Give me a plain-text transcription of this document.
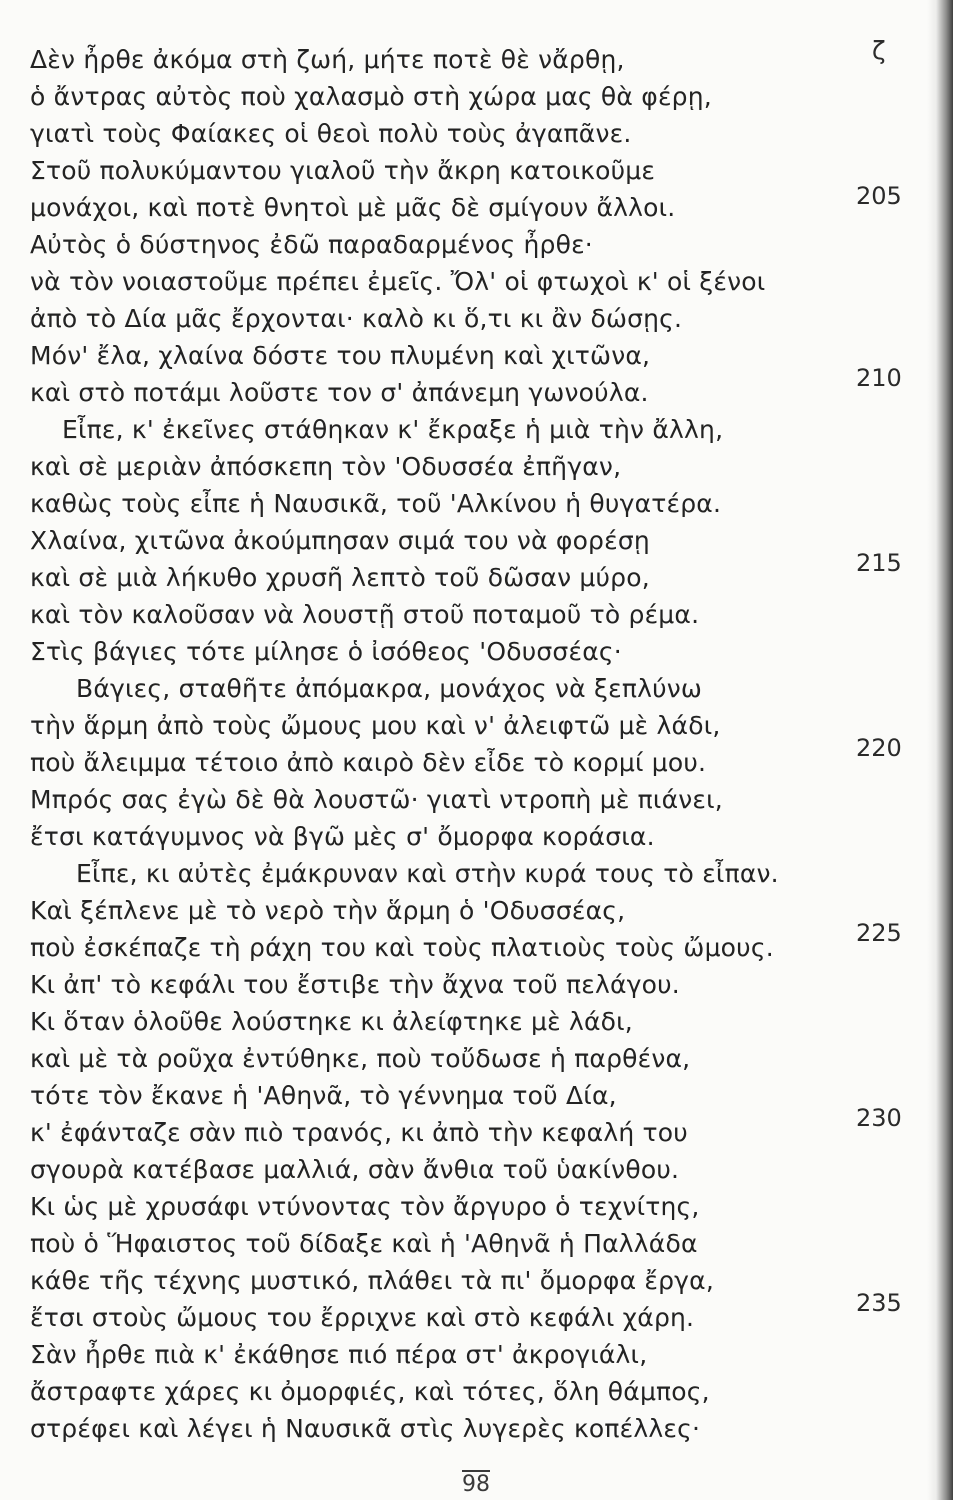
ζ
Δὲν ἦρθε ἀκόμα στὴ ζωή, μήτε ποτὲ θὲ νἄρθῃ,
ὁ ἄντρας αὐτὸς ποὺ χαλασμὸ στὴ χώρα μας θὰ φέρῃ,
γιατὶ τοὺς Φαίακες οἱ θεοὶ πολὺ τοὺς ἀγαπᾶνε.
Στοῦ πολυκύμαντου γιαλοῦ τὴν ἄκρη κατοικοῦμε
μονάχοι, καὶ ποτὲ θνητοὶ μὲ μᾶς δὲ σμίγουν ἄλλοι.
Αὐτὸς ὁ δύστηνος ἐδῶ παραδαρμένος ἦρθε·
νὰ τὸν νοιαστοῦμε πρέπει ἐμεῖς. Ὄλ' οἱ φτωχοὶ κ' οἱ ξένοι
ἀπὸ τὸ Δία μᾶς ἔρχονται· καλὸ κι ὅ,τι κι ἂν δώσῃς.
Μόν' ἔλα, χλαίνα δόστε του πλυμένη καὶ χιτῶνα,
καὶ στὸ ποτάμι λοῦστε τον σ' ἀπάνεμη γωνούλα.
Εἶπε, κ' ἐκεῖνες στάθηκαν κ' ἔκραξε ἡ μιὰ τὴν ἄλλη,
καὶ σὲ μεριὰν ἀπόσκεπη τὸν 'Οδυσσέα ἐπῆγαν,
καθὼς τοὺς εἶπε ἡ Ναυσικᾶ, τοῦ 'Αλκίνου ἡ θυγατέρα.
Χλαίνα, χιτῶνα ἀκούμπησαν σιμά του νὰ φορέσῃ
καὶ σὲ μιὰ λήκυθο χρυσῆ λεπτὸ τοῦ δῶσαν μύρο,
καὶ τὸν καλοῦσαν νὰ λουστῇ στοῦ ποταμοῦ τὸ ρέμα.
Στὶς βάγιες τότε μίλησε ὁ ἰσόθεος 'Οδυσσέας·
Βάγιες, σταθῆτε ἀπόμακρα, μονάχος νὰ ξεπλύνω
τὴν ἅρμη ἀπὸ τοὺς ὤμους μου καὶ ν' ἀλειφτῶ μὲ λάδι,
ποὺ ἄλειμμα τέτοιο ἀπὸ καιρὸ δὲν εἶδε τὸ κορμί μου.
Μπρός σας ἐγὼ δὲ θὰ λουστῶ· γιατὶ ντροπὴ μὲ πιάνει,
ἔτσι κατάγυμνος νὰ βγῶ μὲς σ' ὄμορφα κοράσια.
Εἶπε, κι αὐτὲς ἐμάκρυναν καὶ στὴν κυρά τους τὸ εἶπαν.
Καὶ ξέπλενε μὲ τὸ νερὸ τὴν ἅρμη ὁ 'Οδυσσέας,
ποὺ ἐσκέπαζε τὴ ράχη του καὶ τοὺς πλατιοὺς τοὺς ὤμους.
Κι ἀπ' τὸ κεφάλι του ἔστιβε τὴν ἄχνα τοῦ πελάγου.
Κι ὅταν ὁλοῦθε λούστηκε κι ἀλείφτηκε μὲ λάδι,
καὶ μὲ τὰ ροῦχα ἐντύθηκε, ποὺ τοὔδωσε ἡ παρθένα,
τότε τὸν ἔκανε ἡ 'Αθηνᾶ, τὸ γέννημα τοῦ Δία,
κ' ἐφάνταζε σὰν πιὸ τρανός, κι ἀπὸ τὴν κεφαλή του
σγουρὰ κατέβασε μαλλιά, σὰν ἄνθια τοῦ ὑακίνθου.
Κι ὡς μὲ χρυσάφι ντύνοντας τὸν ἄργυρο ὁ τεχνίτης,
ποὺ ὁ Ἥφαιστος τοῦ δίδαξε καὶ ἡ 'Αθηνᾶ ἡ Παλλάδα
κάθε τῆς τέχνης μυστικό, πλάθει τὰ πι' ὄμορφα ἔργα,
ἔτσι στοὺς ὤμους του ἔρριχνε καὶ στὸ κεφάλι χάρη.
Σὰν ἦρθε πιὰ κ' ἐκάθησε πιό πέρα στ' ἀκρογιάλι,
ἄστραφτε χάρες κι ὀμορφιές, καὶ τότες, ὅλη θάμπος,
στρέφει καὶ λέγει ἡ Ναυσικᾶ στὶς λυγερὲς κοπέλλες·
205
210
215
220
225
230
235
98
